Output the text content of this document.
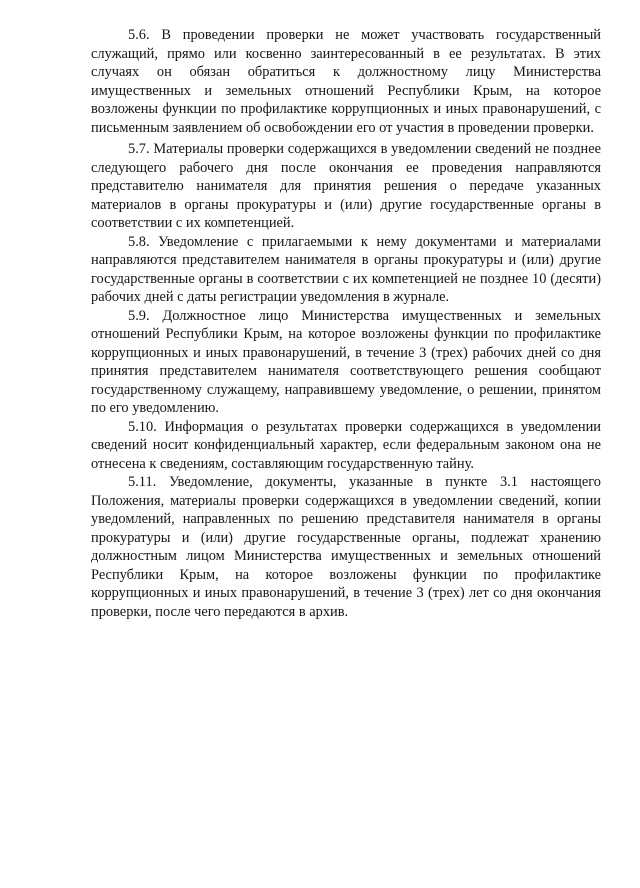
5.6. В проведении проверки не может участвовать государственный служащий, прямо или косвенно заинтересованный в ее результатах. В этих случаях он обязан обратиться к должностному лицу Министерства имущественных и земельных отношений Республики Крым, на которое возложены функции по профилактике коррупционных и иных правонарушений, с письменным заявлением об освобождении его от участия в проведении проверки.

5.7. Материалы проверки содержащихся в уведомлении сведений не позднее следующего рабочего дня после окончания ее проведения направляются представителю нанимателя для принятия решения о передаче указанных материалов в органы прокуратуры и (или) другие государственные органы в соответствии с их компетенцией.

5.8. Уведомление с прилагаемыми к нему документами и материалами направляются представителем нанимателя в органы прокуратуры и (или) другие государственные органы в соответствии с их компетенцией не позднее 10 (десяти) рабочих дней с даты регистрации уведомления в журнале.

5.9. Должностное лицо Министерства имущественных и земельных отношений Республики Крым, на которое возложены функции по профилактике коррупционных и иных правонарушений, в течение 3 (трех) рабочих дней со дня принятия представителем нанимателя соответствующего решения сообщают государственному служащему, направившему уведомление, о решении, принятом по его уведомлению.

5.10. Информация о результатах проверки содержащихся в уведомлении сведений носит конфиденциальный характер, если федеральным законом она не отнесена к сведениям, составляющим государственную тайну.

5.11. Уведомление, документы, указанные в пункте 3.1 настоящего Положения, материалы проверки содержащихся в уведомлении сведений, копии уведомлений, направленных по решению представителя нанимателя в органы прокуратуры и (или) другие государственные органы, подлежат хранению должностным лицом Министерства имущественных и земельных отношений Республики Крым, на которое возложены функции по профилактике коррупционных и иных правонарушений, в течение 3 (трех) лет со дня окончания проверки, после чего передаются в архив.
